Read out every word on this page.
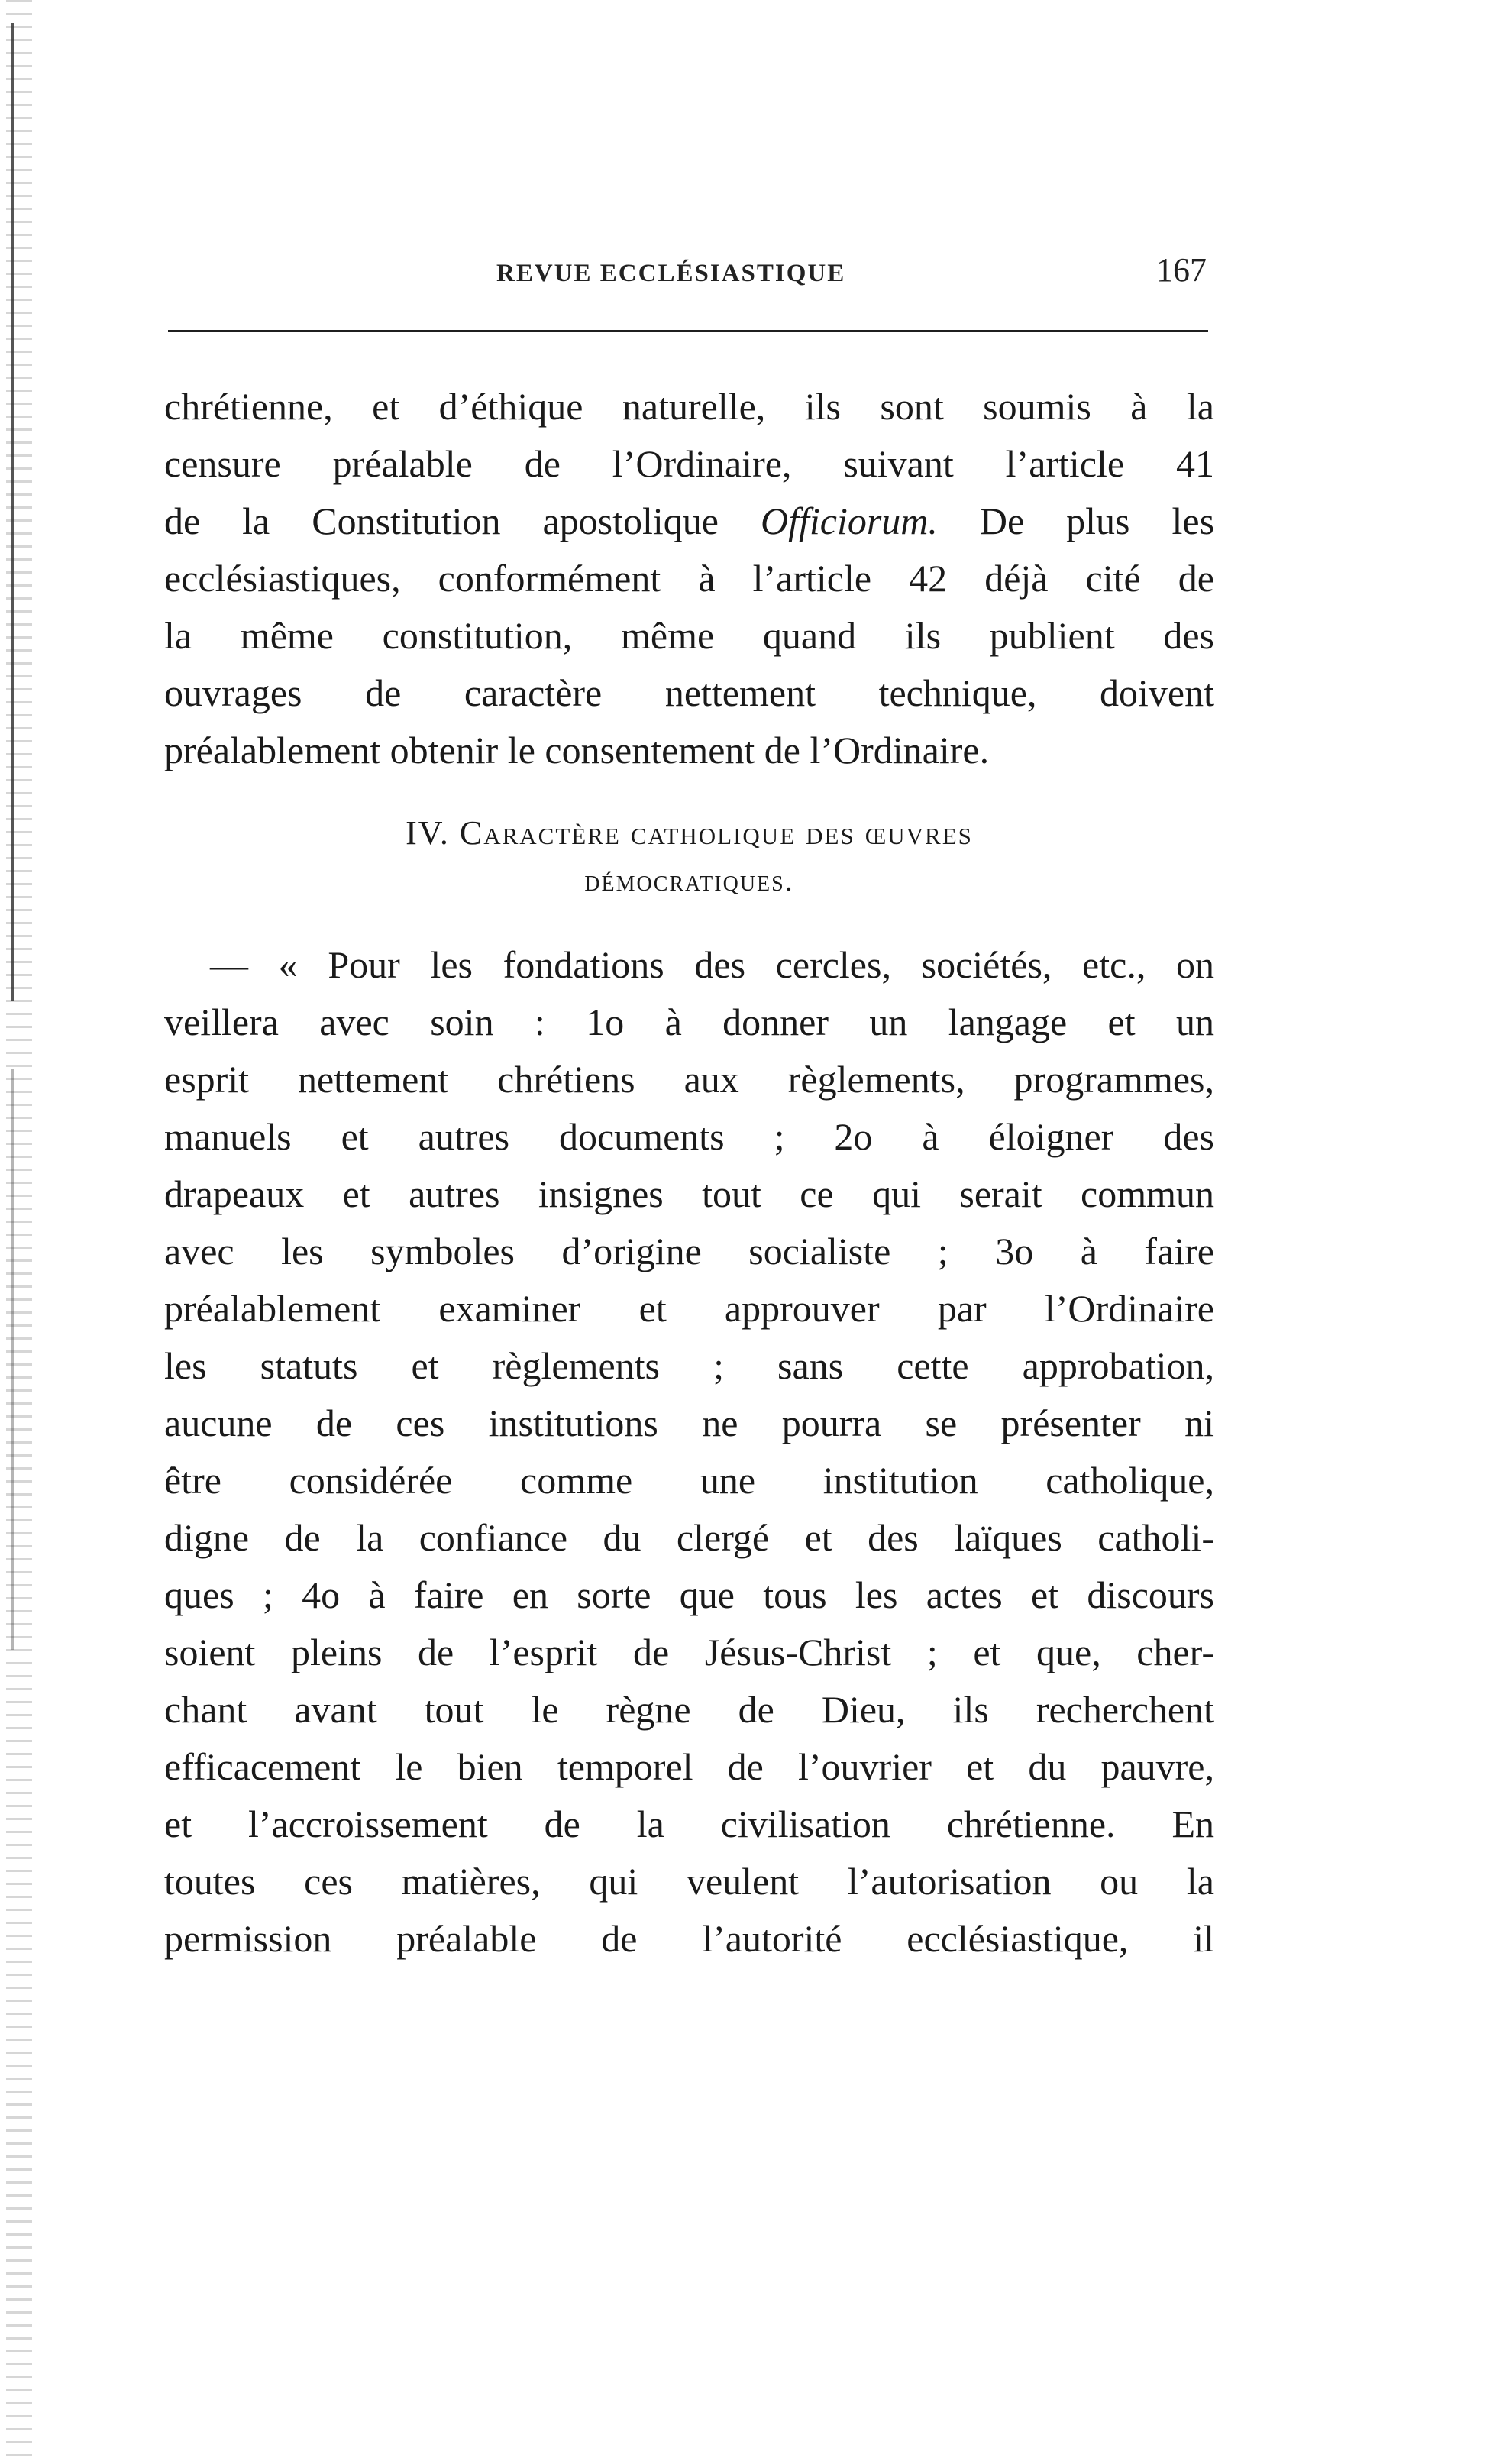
REVUE ECCLÉSIASTIQUE	167
chrétienne, et d’éthique naturelle, ils sont soumis à la
censure préalable de l’Ordinaire, suivant l’article 41
de la Constitution apostolique Officiorum. De plus les
ecclésiastiques, conformément à l’article 42 déjà cité de
la même constitution, même quand ils publient des
ouvrages de caractère nettement technique, doivent
préalablement obtenir le consentement de l’Ordinaire.
IV. Caractère catholique des œuvres
démocratiques.
— « Pour les fondations des cercles, sociétés, etc., on
veillera avec soin : 1o à donner un langage et un
esprit nettement chrétiens aux règlements, programmes,
manuels et autres documents ; 2o à éloigner des
drapeaux et autres insignes tout ce qui serait commun
avec les symboles d’origine socialiste ; 3o à faire
préalablement examiner et approuver par l’Ordinaire
les statuts et règlements ; sans cette approbation,
aucune de ces institutions ne pourra se présenter ni
être considérée comme une institution catholique,
digne de la confiance du clergé et des laïques catholi-
ques ; 4o à faire en sorte que tous les actes et discours
soient pleins de l’esprit de Jésus-Christ ; et que, cher-
chant avant tout le règne de Dieu, ils recherchent
efficacement le bien temporel de l’ouvrier et du pauvre,
et l’accroissement de la civilisation chrétienne. En
toutes ces matières, qui veulent l’autorisation ou la
permission préalable de l’autorité ecclésiastique, il
